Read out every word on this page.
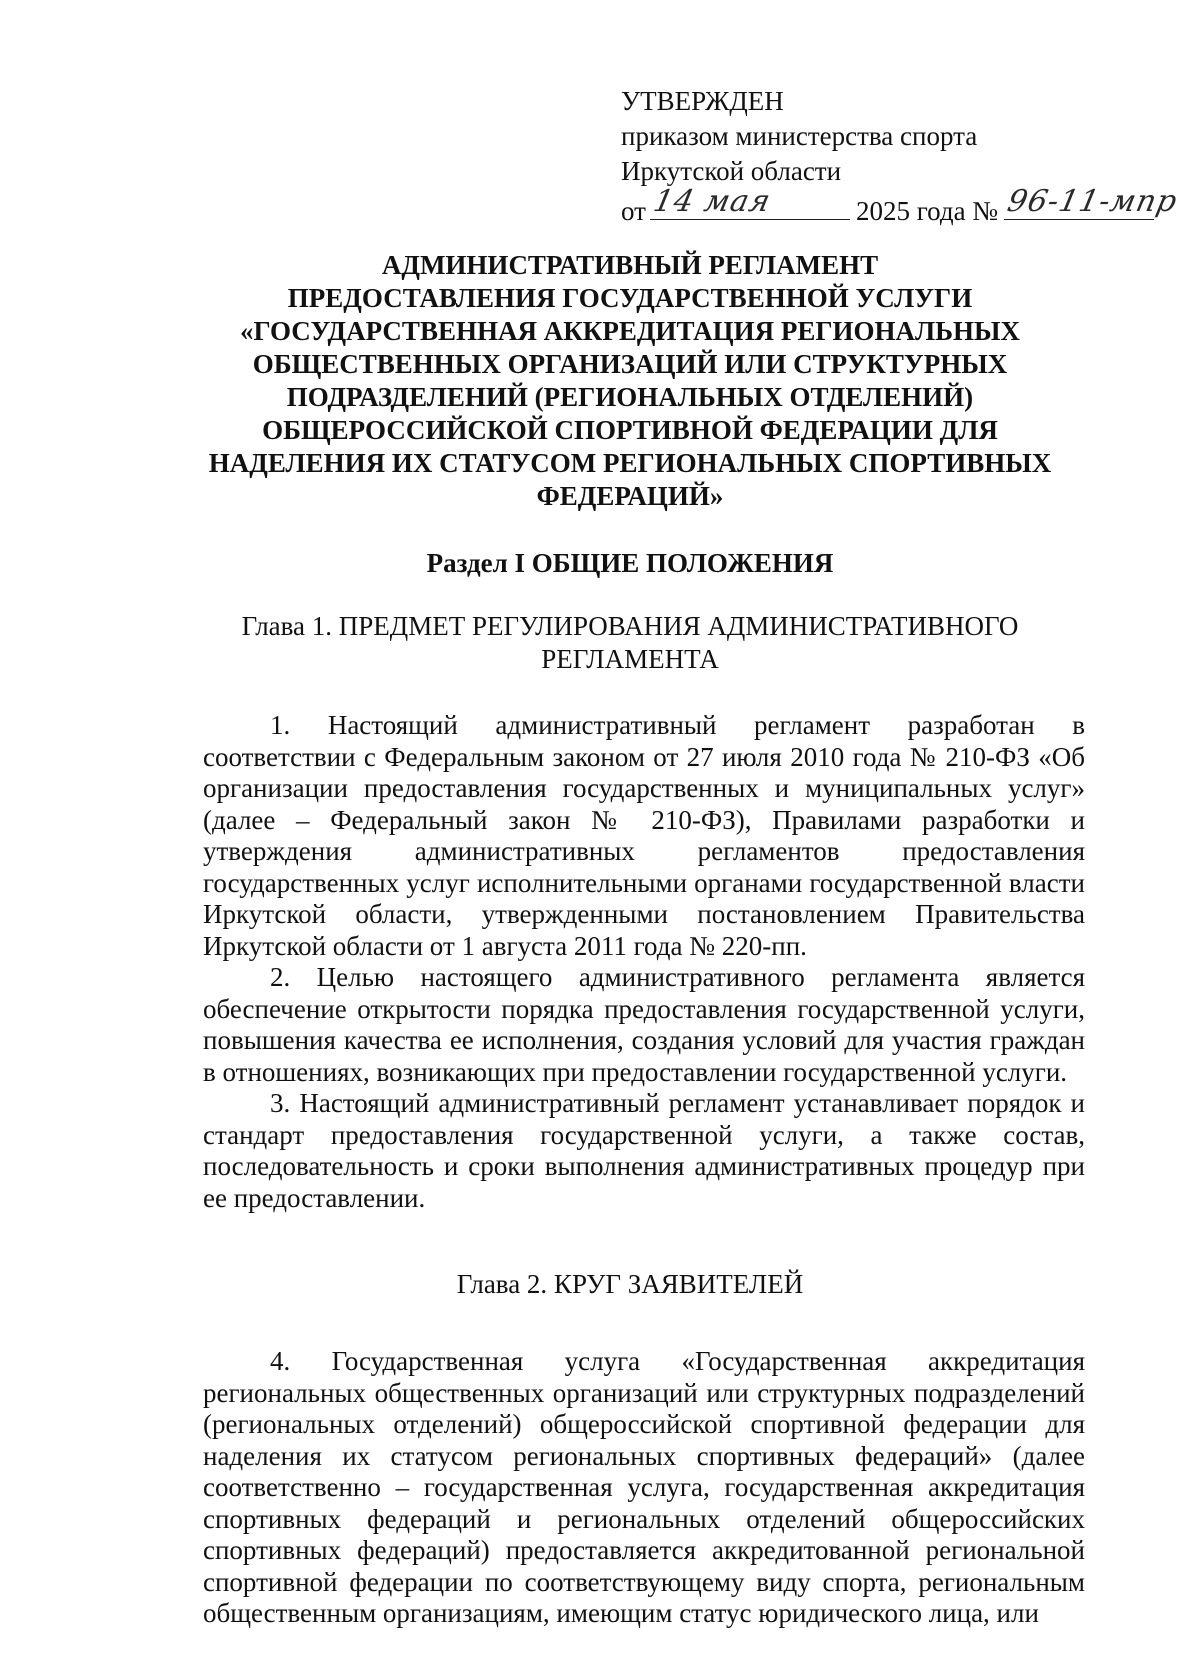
УТВЕРЖДЕН
приказом министерства спорта
Иркутской области
от 14 мая	2025 года № 96-11-мпр
АДМИНИСТРАТИВНЫЙ РЕГЛАМЕНТ
ПРЕДОСТАВЛЕНИЯ ГОСУДАРСТВЕННОЙ УСЛУГИ
«ГОСУДАРСТВЕННАЯ АККРЕДИТАЦИЯ РЕГИОНАЛЬНЫХ
ОБЩЕСТВЕННЫХ ОРГАНИЗАЦИЙ ИЛИ СТРУКТУРНЫХ
ПОДРАЗДЕЛЕНИЙ (РЕГИОНАЛЬНЫХ ОТДЕЛЕНИЙ)
ОБЩЕРОССИЙСКОЙ СПОРТИВНОЙ ФЕДЕРАЦИИ ДЛЯ
НАДЕЛЕНИЯ ИХ СТАТУСОМ РЕГИОНАЛЬНЫХ СПОРТИВНЫХ
ФЕДЕРАЦИЙ»
Раздел I ОБЩИЕ ПОЛОЖЕНИЯ
Глава 1. ПРЕДМЕТ РЕГУЛИРОВАНИЯ АДМИНИСТРАТИВНОГО
РЕГЛАМЕНТА

1. Настоящий административный регламент разработан в соответствии с Федеральным законом от 27 июля 2010 года № 210-ФЗ «Об организации предоставления государственных и муниципальных услуг» (далее – Федеральный закон № 210-ФЗ), Правилами разработки и утверждения административных регламентов предоставления государственных услуг исполнительными органами государственной власти Иркутской области, утвержденными постановлением Правительства Иркутской области от 1 августа 2011 года № 220-пп.

2. Целью настоящего административного регламента является обеспечение открытости порядка предоставления государственной услуги, повышения качества ее исполнения, создания условий для участия граждан в отношениях, возникающих при предоставлении государственной услуги.

3. Настоящий административный регламент устанавливает порядок и стандарт предоставления государственной услуги, а также состав, последовательность и сроки выполнения административных процедур при ее предоставлении.

Глава 2. КРУГ ЗАЯВИТЕЛЕЙ

4. Государственная услуга «Государственная аккредитация региональных общественных организаций или структурных подразделений (региональных отделений) общероссийской спортивной федерации для наделения их статусом региональных спортивных федераций» (далее соответственно – государственная услуга, государственная аккредитация спортивных федераций и региональных отделений общероссийских спортивных федераций) предоставляется аккредитованной региональной спортивной федерации по соответствующему виду спорта, региональным общественным организациям, имеющим статус юридического лица, или
